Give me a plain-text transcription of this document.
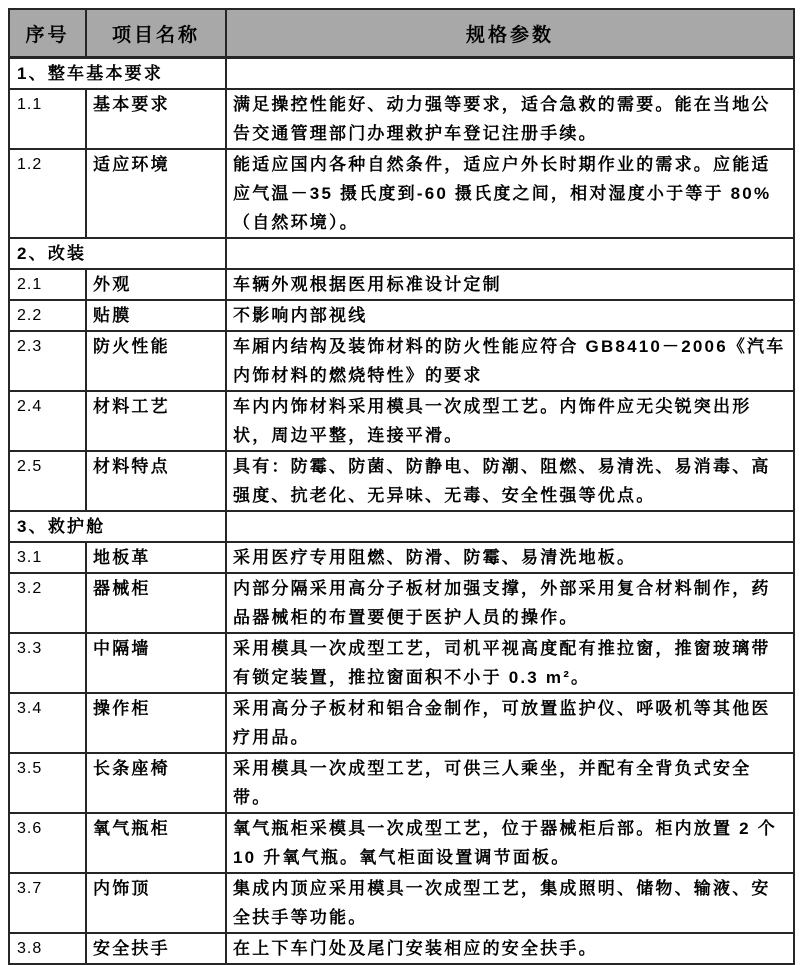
序号	项目名称	规格参数
1、整车基本要求		
1.1	基本要求	满足操控性能好、动力强等要求，适合急救的需要。能在当地公告交通管理部门办理救护车登记注册手续。
1.2	适应环境	能适应国内各种自然条件，适应户外长时期作业的需求。应能适应气温－35 摄氏度到-60 摄氏度之间，相对湿度小于等于 80%（自然环境）。
2、改装		
2.1	外观	车辆外观根据医用标准设计定制
2.2	贴膜	不影响内部视线
2.3	防火性能	车厢内结构及装饰材料的防火性能应符合 GB8410－2006《汽车内饰材料的燃烧特性》的要求
2.4	材料工艺	车内内饰材料采用模具一次成型工艺。内饰件应无尖锐突出形状，周边平整，连接平滑。
2.5	材料特点	具有：防霉、防菌、防静电、防潮、阻燃、易清洗、易消毒、高强度、抗老化、无异味、无毒、安全性强等优点。
3、救护舱		
3.1	地板革	采用医疗专用阻燃、防滑、防霉、易清洗地板。
3.2	器械柜	内部分隔采用高分子板材加强支撑，外部采用复合材料制作，药品器械柜的布置要便于医护人员的操作。
3.3	中隔墙	采用模具一次成型工艺，司机平视高度配有推拉窗，推窗玻璃带有锁定装置，推拉窗面积不小于 0.3 m²。
3.4	操作柜	采用高分子板材和铝合金制作，可放置监护仪、呼吸机等其他医疗用品。
3.5	长条座椅	采用模具一次成型工艺，可供三人乘坐，并配有全背负式安全带。
3.6	氧气瓶柜	氧气瓶柜采模具一次成型工艺，位于器械柜后部。柜内放置 2 个 10 升氧气瓶。氧气柜面设置调节面板。
3.7	内饰顶	集成内顶应采用模具一次成型工艺，集成照明、储物、输液、安全扶手等功能。
3.8	安全扶手	在上下车门处及尾门安装相应的安全扶手。
